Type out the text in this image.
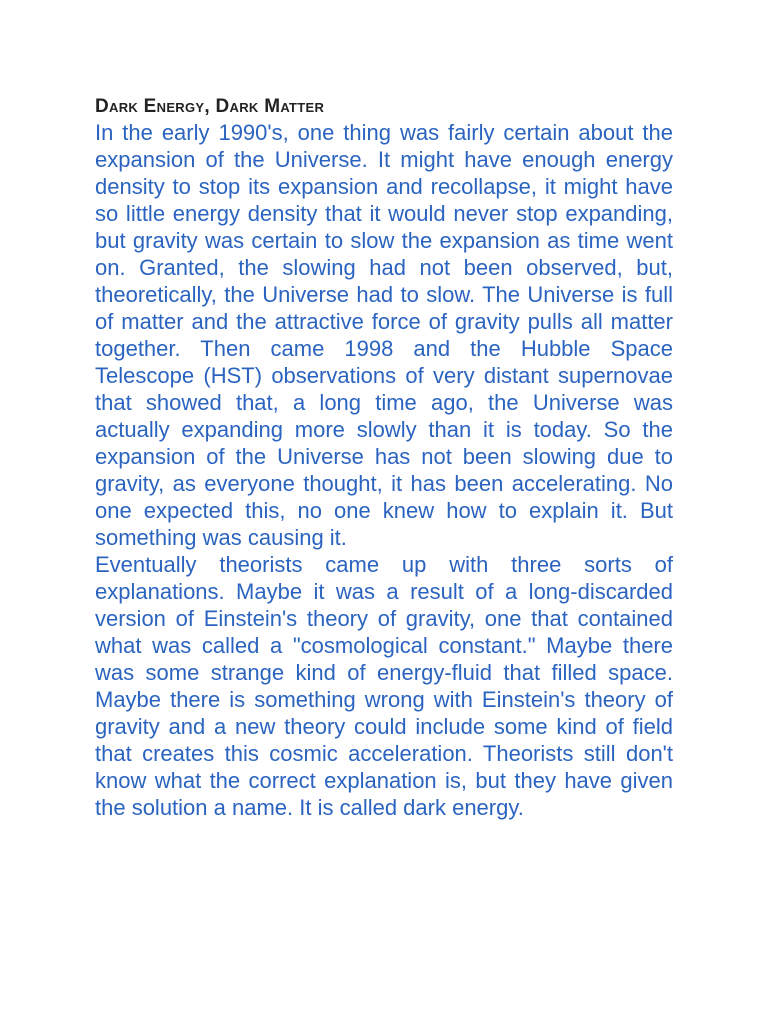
Dark Energy, Dark Matter

In the early 1990's, one thing was fairly certain about the expansion of the Universe. It might have enough energy density to stop its expansion and recollapse, it might have so little energy density that it would never stop expanding, but gravity was certain to slow the expansion as time went on. Granted, the slowing had not been observed, but, theoretically, the Universe had to slow. The Universe is full of matter and the attractive force of gravity pulls all matter together. Then came 1998 and the Hubble Space Telescope (HST) observations of very distant supernovae that showed that, a long time ago, the Universe was actually expanding more slowly than it is today. So the expansion of the Universe has not been slowing due to gravity, as everyone thought, it has been accelerating. No one expected this, no one knew how to explain it. But something was causing it.

Eventually theorists came up with three sorts of explanations. Maybe it was a result of a long-discarded version of Einstein's theory of gravity, one that contained what was called a "cosmological constant." Maybe there was some strange kind of energy-fluid that filled space. Maybe there is something wrong with Einstein's theory of gravity and a new theory could include some kind of field that creates this cosmic acceleration. Theorists still don't know what the correct explanation is, but they have given the solution a name. It is called dark energy.
